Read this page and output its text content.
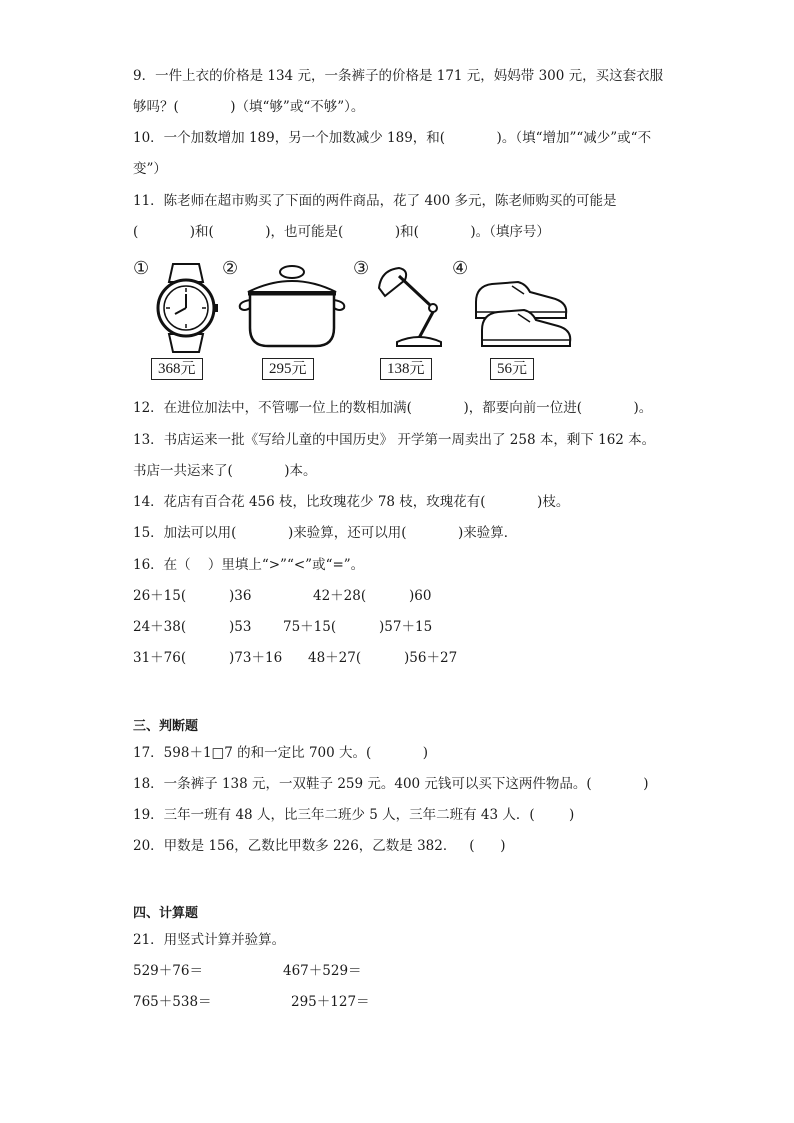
9．一件上衣的价格是 134 元，一条裤子的价格是 171 元，妈妈带 300 元，买这套衣服
够吗？(            )（填“够”或“不够”）。
10．一个加数增加 189，另一个加数减少 189，和(            )。（填“增加”“减少”或“不
变”）
11．陈老师在超市购买了下面的两件商品，花了 400 多元，陈老师购买的可能是
(            )和(            )，也可能是(            )和(            )。（填序号）
①
368元
②
295元
③
138元
④
56元
12．在进位加法中，不管哪一位上的数相加满(            )，都要向前一位进(            )。
13．书店运来一批《写给儿童的中国历史》 开学第一周卖出了 258 本，剩下 162 本。
书店一共运来了(            )本。
14．花店有百合花 456 枝，比玫瑰花少 78 枝，玫瑰花有(            )枝。
15．加法可以用(            )来验算，还可以用(            )来验算．
16．在（    ）里填上“>”“<”或“=”。
26＋15(          )36	42＋28(          )60
24＋38(          )53 75＋15(          )57＋15
31＋76(          )73＋16 48＋27(          )56＋27
三、判断题
17．598＋1□7 的和一定比 700 大。(            )
18．一条裤子 138 元，一双鞋子 259 元。400 元钱可以买下这两件物品。(            )
19．三年一班有 48 人，比三年二班少 5 人，三年二班有 43 人．(        )
20．甲数是 156，乙数比甲数多 226，乙数是 382．   (      )
四、计算题
21．用竖式计算并验算。
529＋76＝	467＋529＝
765＋538＝	295＋127＝
